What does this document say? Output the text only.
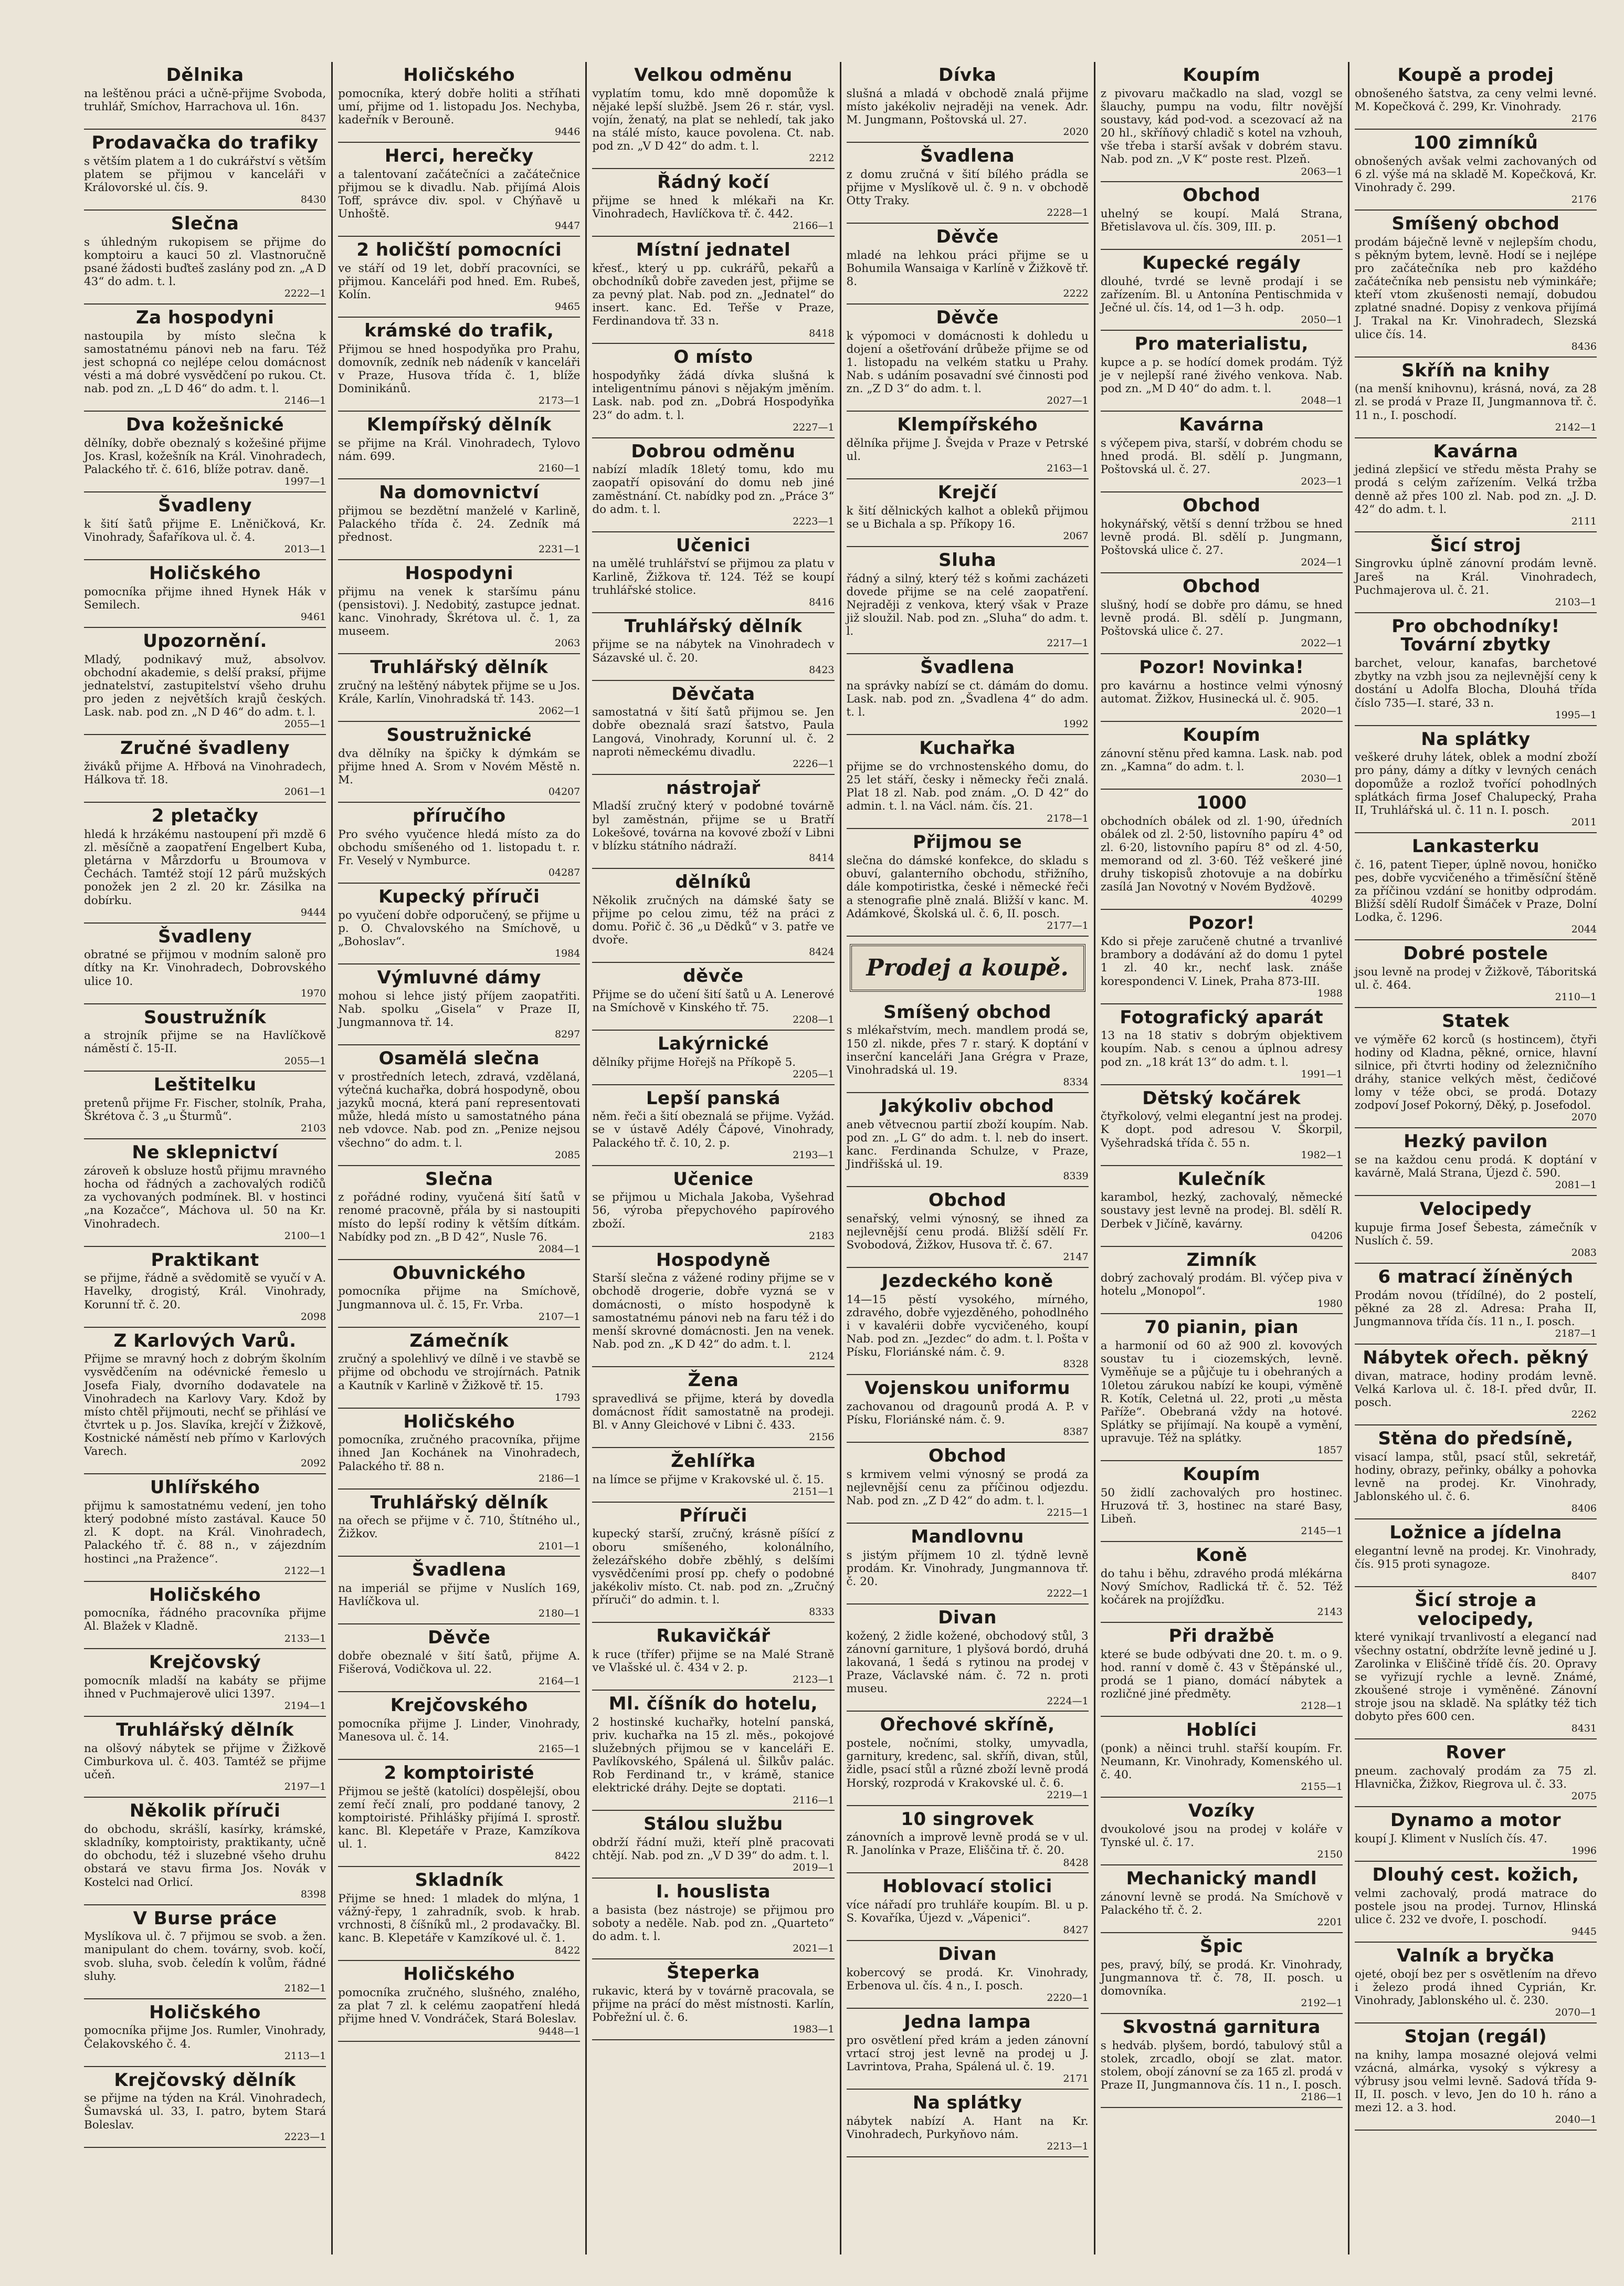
Dělnika
na leštěnou práci a učně-přijme Svoboda, truhlář, Smíchov, Harrachova ul. 16n.
8437
Prodavačka do trafiky
s větším platem a 1 do cukrářství s větším platem se přijmou v kanceláři v Královorské ul. čís. 9.
8430
Slečna
s úhledným rukopisem se přijme do komptoiru a kauci 50 zl. Vlastnoručně psané žádosti buďteš zaslány pod zn. „A D 43“ do adm. t. l.
2222—1
Za hospodyni
nastoupila by místo slečna k samostatnému pánovi neb na faru. Též jest schopná co nejlépe celou domácnost vésti a má dobré vysvědčení po rukou. Ct. nab. pod zn. „L D 46“ do adm. t. l.
2146—1
Dva kožešnické
dělníky, dobře obeznalý s kožešiné přijme Jos. Krasl, kožešník na Král. Vinohradech, Palackého tř. č. 616, blíže potrav. daně.
1997—1
Švadleny
k šití šatů přijme E. Lněničková, Kr. Vinohrady, Šafaříkova ul. č. 4.
2013—1
Holičského
pomocníka přijme ihned Hynek Hák v Semilech.
9461
Upozornění.
Mladý, podnikavý muž, absolvov. obchodní akademie, s delší praksí, přijme jednatelství, zastupitelství všeho druhu pro jeden z největších krajů českých. Lask. nab. pod zn. „N D 46“ do adm. t. l.
2055—1
Zručné švadleny
živáků přijme A. Hřbová na Vinohradech, Hálkova tř. 18.
2061—1
2 pletačky
hledá k hrzákému nastoupení při mzdě 6 zl. měsíčně a zaopatření Engelbert Kuba, pletárna v Mårzdorfu u Broumova v Čechách. Tamtéž stojí 12 párů mužských ponožek jen 2 zl. 20 kr. Zásilka na dobírku.
9444
Švadleny
obratné se přijmou v modním saloně pro dítky na Kr. Vinohradech, Dobrovského ulice 10.
1970
Soustružník
a strojník přijme se na Havlíčkově náměstí č. 15-II.
2055—1
Leštitelku
pretenů přijme Fr. Fischer, stolník, Praha, Škrétova č. 3 „u Šturmů“.
2103
Ne sklepnictví
zároveň k obsluze hostů přijmu mravného hocha od řádných a zachovalých rodičů za vychovaných podmínek. Bl. v hostinci „na Kozačce“, Máchova ul. 50 na Kr. Vinohradech.
2100—1
Praktikant
se přijme, řádně a svědomitě se vyučí v A. Havelky, drogistý, Král. Vinohrady, Korunní tř. č. 20.
2098
Z Karlových Varů.
Přijme se mravný hoch z dobrým školním vysvědčením na odévnické řemeslo u Josefa Fialy, dvorního dodavatele na Vinohradech na Karlovy Vary. Kdož by místo chtěl přijmouti, nechť se přihlásí ve čtvrtek u p. Jos. Slavíka, krejčí v Žižkově, Kostnické náměstí neb přímo v Karlových Varech.
2092
Uhlířského
přijmu k samostatnému vedení, jen toho který podobné místo zastával. Kauce 50 zl. K dopt. na Král. Vinohradech, Palackého tř. č. 88 n., v zájezdním hostinci „na Pražence“.
2122—1
Holičského
pomocníka, řádného pracovníka přijme Al. Blažek v Kladně.
2133—1
Krejčovský
pomocník mladší na kabáty se přijme ihned v Puchmajerově ulici 1397.
2194—1
Truhlářský dělník
na olšový nábytek se přijme v Žižkově Cimburkova ul. č. 403. Tamtéž se přijme učeň.
2197—1
Několik příruči
do obchodu, skrášlí, kasírky, krámské, skladníky, komptoiristy, praktikanty, učně do obchodu, též i sluzebné všeho druhu obstará ve stavu firma Jos. Novák v Kostelci nad Orlicí.
8398
V Burse práce
Myslíkova ul. č. 7 přijmou se svob. a žen. manipulant do chem. továrny, svob. kočí, svob. sluha, svob. čeledín k volům, řádné sluhy.
2182—1
Holičského
pomocníka přijme Jos. Rumler, Vinohrady, Čelakovského č. 4.
2113—1
Krejčovský dělník
se přijme na týden na Král. Vinohradech, Šumavská ul. 33, I. patro, bytem Stará Boleslav.
2223—1
Holičského
pomocníka, který dobře holiti a stříhati umí, přijme od 1. listopadu Jos. Nechyba, kadeřník v Berouně.
9446
Herci, herečky
a talentovaní začátečníci a začátečnice přijmou se k divadlu. Nab. přijímá Alois Toff, správce div. spol. v Chýňavě u Unhoště.
9447
2 holičští pomocníci
ve stáří od 19 let, dobří pracovníci, se přijmou. Kanceláři pod hned. Em. Rubeš, Kolín.
9465
krámské do trafik,
Přijmou se hned hospodyňka pro Prahu, domovník, zedník neb nádeník v kanceláři v Praze, Husova třída č. 1, blíže Dominikánů.
2173—1
Klempířský dělník
se přijme na Král. Vinohradech, Tylovo nám. 699.
2160—1
Na domovnictví
přijmou se bezdětní manželé v Karlině, Palackého třída č. 24. Zedník má přednost.
2231—1
Hospodyni
přijmu na venek k staršímu pánu (pensistovi). J. Nedobitý, zastupce jednat. kanc. Vinohrady, Škrétova ul. č. 1, za museem.
2063
Truhlářský dělník
zručný na leštěný nábytek přijme se u Jos. Krále, Karlín, Vinohradská tř. 143.
2062—1
Soustružnické
dva dělníky na špičky k dýmkám se přijme hned A. Srom v Novém Městě n. M.
04207
příručího
Pro svého vyučence hledá místo za do obchodu smíšeného od 1. listopadu t. r. Fr. Veselý v Nymburce.
04287
Kupecký příruči
po vyučení dobře odporučený, se přijme u p. O. Chvalovského na Smíchově, u „Bohoslav“.
1984
Výmluvné dámy
mohou si lehce jistý příjem zaopatřiti. Nab. spolku „Gisela“ v Praze II, Jungmannova tř. 14.
8297
Osamělá slečna
v prostředních letech, zdravá, vzdělaná, výtečná kuchařka, dobrá hospodyně, obou jazyků mocná, která paní representovati může, hledá místo u samostatného pána neb vdovce. Nab. pod zn. „Penize nejsou všechno“ do adm. t. l.
2085
Slečna
z pořádné rodiny, vyučená šití šatů v renomé pracovně, přála by si nastoupiti místo do lepší rodiny k větším dítkám. Nabídky pod zn. „B D 42“, Nusle 76.
2084—1
Obuvnického
pomocníka přijme na Smíchově, Jungmannova ul. č. 15, Fr. Vrba.
2107—1
Zámečník
zručný a spolehlivý ve dílně i ve stavbě se přijme od obchodu ve strojírnách. Patnik a Kautník v Karlině v Žižkově tř. 15.
1793
Holičského
pomocníka, zručného pracovníka, přijme ihned Jan Kochánek na Vinohradech, Palackého tř. 88 n.
2186—1
Truhlářský dělník
na ořech se přijme v č. 710, Štítného ul., Žižkov.
2101—1
Švadlena
na imperiál se přijme v Nuslích 169, Havlíčkova ul.
2180—1
Děvče
dobře obeznalé v šití šatů, přijme A. Fišerová, Vodičkova ul. 22.
2164—1
Krejčovského
pomocníka přijme J. Linder, Vinohrady, Manesova ul. č. 14.
2165—1
2 komptoiristé
Přijmou se ještě (katolíci) dospělejší, obou zemí řečí znalí, pro poddané tanovy, 2 komptoiristé. Přihlášky přijímá I. sprostř. kanc. Bl. Klepetáře v Praze, Kamzíkova ul. 1.
8422
Skladník
Přijme se hned: 1 mladek do mlýna, 1 vážný-řepy, 1 zahradník, svob. k hrab. vrchnosti, 8 číšníků ml., 2 prodavačky. Bl. kanc. B. Klepetáře v Kamzíkové ul. č. 1.
8422
Holičského
pomocníka zručného, slušného, znalého, za plat 7 zl. k celému zaopatření hledá přijme hned V. Vondráček, Stará Boleslav.
9448—1
Velkou odměnu
vyplatím tomu, kdo mně dopomůže k nějaké lepší službě. Jsem 26 r. stár, vysl. vojín, ženatý, na plat se nehledí, tak jako na stálé místo, kauce povolena. Ct. nab. pod zn. „V D 42“ do adm. t. l.
2212
Řádný kočí
přijme se hned k mlékaři na Kr. Vinohradech, Havlíčkova tř. č. 442.
2166—1
Místní jednatel
křesť., který u pp. cukrářů, pekařů a obchodníků dobře zaveden jest, přijme se za pevný plat. Nab. pod zn. „Jednatel“ do insert. kanc. Ed. Teřše v Praze, Ferdinandova tř. 33 n.
8418
O místo
hospodyňky žádá dívka slušná k inteligentnímu pánovi s nějakým jměním. Lask. nab. pod zn. „Dobrá Hospodyňka 23“ do adm. t. l.
2227—1
Dobrou odměnu
nabízí mladík 18letý tomu, kdo mu zaopatří opisování do domu neb jiné zaměstnání. Ct. nabídky pod zn. „Práce 3“ do adm. t. l.
2223—1
Učenici
na umělé truhlářství se přijmou za platu v Karlině, Žižkova tř. 124. Též se koupí truhlářské stolice.
8416
Truhlářský dělník
přijme se na nábytek na Vinohradech v Sázavské ul. č. 20.
8423
Děvčata
samostatná v šití šatů přijmou se. Jen dobře obeznalá srazí šatstvo, Paula Langová, Vinohrady, Korunní ul. č. 2 naproti německému divadlu.
2226—1
nástrojař
Mladší zručný který v podobné továrně byl zaměstnán, přijme se u Bratří Lokešové, továrna na kovové zboží v Libni v blízku státního nádraží.
8414
dělníků
Několik zručných na dámské šaty se přijme po celou zimu, též na práci z domu. Pořič č. 36 „u Dědků“ v 3. patře ve dvoře.
8424
děvče
Přijme se do učení šití šatů u A. Lenerové na Smíchově v Kinského tř. 75.
2208—1
Lakýrnické
dělníky přijme Hořejš na Příkopě 5.
2205—1
Lepší panská
něm. řeči a šití obeznalá se přijme. Vyžád. se v ústavě Adély Čápové, Vinohrady, Palackého tř. č. 10, 2. p.
2193—1
Učenice
se přijmou u Michala Jakoba, Vyšehrad 56, výroba přepychového papírového zboží.
2183
Hospodyně
Starší slečna z vážené rodiny přijme se v obchodě drogerie, dobře vyzná se v domácnosti, o místo hospodyně k samostatnému pánovi neb na faru též i do menší skrovné domácnosti. Jen na venek. Nab. pod zn. „K D 42“ do adm. t. l.
2124
Žena
spravedlivá se přijme, která by dovedla domácnost řídit samostatně na prodeji. Bl. v Anny Gleichové v Libni č. 433.
2156
Žehlířka
na límce se přijme v Krakovské ul. č. 15.
2151—1
Příruči
kupecký starší, zručný, krásně píšící z oboru smíšeného, kolonálního, železářského dobře zběhlý, s delšími vysvědčeními prosí pp. chefy o podobné jakékoliv místo. Ct. nab. pod zn. „Zručný příruči“ do admin. t. l.
8333
Rukavičkář
k ruce (třífer) přijme se na Malé Straně ve Vlašské ul. č. 434 v 2. p.
2123—1
Ml. číšník do hotelu,
2 hostinské kuchařky, hotelní panská, priv. kuchařka na 15 zl. měs., pokojové služebných přijmou se v kanceláři E. Pavlíkovského, Spálená ul. Šilkův palác. Rob Ferdinand tr., v krámě, stanice elektrické dráhy. Dejte se doptati.
2116—1
Stálou službu
obdrží řádní muži, kteří plně pracovati chtějí. Nab. pod zn. „V D 39“ do adm. t. l.
2019—1
I. houslista
a basista (bez nástroje) se přijmou pro soboty a neděle. Nab. pod zn. „Quarteto“ do adm. t. l.
2021—1
Šteperka
rukavic, která by v továrně pracovala, se přijme na prácí do měst místnosti. Karlín, Pobřežní ul. č. 6.
1983—1
Dívka
slušná a mladá v obchodě znalá přijme místo jakékoliv nejraději na venek. Adr. M. Jungmann, Poštovská ul. 27.
2020
Švadlena
z domu zručná v šití bílého prádla se přijme v Myslíkově ul. č. 9 n. v obchodě Otty Traky.
2228—1
Děvče
mladé na lehkou práci přijme se u Bohumila Wansaiga v Karlíně v Žižkově tř. 8.
2222
Děvče
k výpomoci v domácnosti k dohledu u dojení a ošetřování drůbeže přijme se od 1. listopadu na velkém statku u Prahy. Nab. s udáním posavadní své činnosti pod zn. „Z D 3“ do adm. t. l.
2027—1
Klempířského
dělníka přijme J. Švejda v Praze v Petrské ul.
2163—1
Krejčí
k šití dělnických kalhot a obleků přijmou se u Bichala a sp. Příkopy 16.
2067
Sluha
řádný a silný, který též s koňmi zacházeti dovede přijme se na celé zaopatření. Nejraději z venkova, který však v Praze již sloužil. Nab. pod zn. „Sluha“ do adm. t. l.
2217—1
Švadlena
na správky nabízí se ct. dámám do domu. Lask. nab. pod zn. „Švadlena 4“ do adm. t. l.
1992
Kuchařka
přijme se do vrchnostenského domu, do 25 let stáří, česky i německy řeči znalá. Plat 18 zl. Nab. pod znám. „O. D 42“ do admin. t. l. na Václ. nám. čís. 21.
2178—1
Přijmou se
slečna do dámské konfekce, do skladu s obuví, galanterního obchodu, střižního, dále kompotiristka, české i německé řeči a stenografie plně znalá. Bližší v kanc. M. Adámkové, Školská ul. č. 6, II. posch.
2177—1
Prodej a koupě.
Smíšený obchod
s mlékařstvím, mech. mandlem prodá se, 150 zl. nikde, přes 7 r. starý. K doptání v inserční kanceláři Jana Grégra v Praze, Vinohradská ul. 19.
8334
Jakýkoliv obchod
aneb větvecnou partií zboží koupím. Nab. pod zn. „L G“ do adm. t. l. neb do insert. kanc. Ferdinanda Schulze, v Praze, Jindřišská ul. 19.
8339
Obchod
senařský, velmi výnosný, se ihned za nejlevnější cenu prodá. Bližší sdělí Fr. Svobodová, Žižkov, Husova tř. č. 67.
2147
Jezdeckého koně
14—15 pěstí vysokého, mírného, zdravého, dobře vyjezděného, pohodlného i v kavalérii dobře vycvičeného, koupí Nab. pod zn. „Jezdec“ do adm. t. l. Pošta v Písku, Floriánské nám. č. 9.
8328
Vojenskou uniformu
zachovanou od dragounů prodá A. P. v Písku, Floriánské nám. č. 9.
8387
Obchod
s krmivem velmi výnosný se prodá za nejlevnější cenu za příčinou odjezdu. Nab. pod zn. „Z D 42“ do adm. t. l.
2215—1
Mandlovnu
s jistým příjmem 10 zl. týdně levně prodám. Kr. Vinohrady, Jungmannova tř. č. 20.
2222—1
Divan
kožený, 2 židle kožené, obchodový stůl, 3 zánovní garniture, 1 plyšová bordó, druhá lakovaná, 1 šedá s rytinou na prodej v Praze, Václavské nám. č. 72 n. proti museu.
2224—1
Ořechové skříně,
postele, nočními, stolky, umyvadla, garnitury, kredenc, sal. skříň, divan, stůl, židle, psací stůl a různé zboží levně prodá Horský, rozprodá v Krakovské ul. č. 6.
2219—1
10 singrovek
zánovních a imprově levně prodá se v ul. R. Janolínka v Praze, Eliščina tř. č. 20.
8428
Hoblovací stolici
více nářadí pro truhláře koupím. Bl. u p. S. Kovaříka, Újezd v. „Vápenici“.
8427
Divan
kobercový se prodá. Kr. Vinohrady, Erbenova ul. čís. 4 n., I. posch.
2220—1
Jedna lampa
pro osvětlení před krám a jeden zánovní vrtací stroj jest levně na prodej u J. Lavrintova, Praha, Spálená ul. č. 19.
2171
Na splátky
nábytek nabízí A. Hant na Kr. Vinohradech, Purkyňovo nám.
2213—1
Koupím
z pivovaru mačkadlo na slad, vozgl se šlauchy, pumpu na vodu, filtr novější soustavy, kád pod-vod. a scezovací až na 20 hl., skříňový chladič s kotel na vzhouh, vše třeba i starší avšak v dobrém stavu. Nab. pod zn. „V K“ poste rest. Plzeň.
2063—1
Obchod
uhelný se koupí. Malá Strana, Břetislavova ul. čís. 309, III. p.
2051—1
Kupecké regály
dlouhé, tvrdé se levně prodají i se zařízením. Bl. u Antonína Pentischmida v Ječné ul. čís. 14, od 1—3 h. odp.
2050—1
Pro materialistu,
kupce a p. se hodící domek prodám. Týž je v nejlepší rané živého venkova. Nab. pod zn. „M D 40“ do adm. t. l.
2048—1
Kavárna
s výčepem piva, starší, v dobrém chodu se hned prodá. Bl. sdělí p. Jungmann, Poštovská ul. č. 27.
2023—1
Obchod
hokynářský, větší s denní tržbou se hned levně prodá. Bl. sdělí p. Jungmann, Poštovská ulice č. 27.
2024—1
Obchod
slušný, hodí se dobře pro dámu, se hned levně prodá. Bl. sdělí p. Jungmann, Poštovská ulice č. 27.
2022—1
Pozor! Novinka!
pro kavárnu a hostince velmi výnosný automat. Žižkov, Husinecká ul. č. 905.
2020—1
Koupím
zánovní stěnu před kamna. Lask. nab. pod zn. „Kamna“ do adm. t. l.
2030—1
1000
obchodních obálek od zl. 1·90, úředních obálek od zl. 2·50, listovního papíru 4° od zl. 6·20, listovního papíru 8° od zl. 4·50, memorand od zl. 3·60. Též veškeré jiné druhy tiskopisů zhotovuje a na dobírku zasílá Jan Novotný v Novém Bydžově.
40299
Pozor!
Kdo si přeje zaručeně chutné a trvanlivé brambory a dodávání až do domu 1 pytel 1 zl. 40 kr., nechť lask. znáše korespondenci V. Linek, Praha 873-III.
1988
Fotografický aparát
13 na 18 stativ s dobrým objektivem koupím. Nab. s cenou a úplnou adresy pod zn. „18 krát 13“ do adm. t. l.
1991—1
Dětský kočárek
čtyřkolový, velmi elegantní jest na prodej. K dopt. pod adresou V. Škorpil, Vyšehradská třída č. 55 n.
1982—1
Kulečník
karambol, hezký, zachovalý, německé soustavy jest levně na prodej. Bl. sdělí R. Derbek v Jičíně, kavárny.
04206
Zimník
dobrý zachovalý prodám. Bl. výčep piva v hotelu „Monopol“.
1980
70 pianin, pian
a harmonií od 60 až 900 zl. kovových soustav tu i ciozemských, levně. Vyměňuje se a půjčuje tu i obehraných a 10letou zárukou nabízí ke koupi, výměně R. Kotík, Celetná ul. 22, proti „u města Paříže“. Obebraná vždy na hotové. Splátky se přijímají. Na koupě a vymění, upravuje. Též na splátky.
1857
Koupím
50 židlí zachovalých pro hostinec. Hruzová tř. 3, hostinec na staré Basy, Libeň.
2145—1
Koně
do tahu i běhu, zdravého prodá mlékárna Nový Smíchov, Radlická tř. č. 52. Též kočárek na projížďku.
2143
Při dražbě
které se bude odbývati dne 20. t. m. o 9. hod. ranní v domě č. 43 v Štěpánské ul., prodá se 1 piano, domácí nábytek a rozličné jiné předměty.
2128—1
Hoblíci
(ponk) a něinci truhl. stařší koupím. Fr. Neumann, Kr. Vinohrady, Komenského ul. č. 40.
2155—1
Vozíky
dvoukolové jsou na prodej v koláře v Tynské ul. č. 17.
2150
Mechanický mandl
zánovní levně se prodá. Na Smíchově v Palackého tř. č. 2.
2201
Špic
pes, pravý, bílý, se prodá. Kr. Vinohrady, Jungmannova tř. č. 78, II. posch. u domovníka.
2192—1
Skvostná garnitura
s hedváb. plyšem, bordó, tabulový stůl a stolek, zrcadlo, obojí se zlat. mator. stolem, obojí zánovní se za 165 zl. prodá v Praze II, Jungmannova čís. 11 n., I. posch.
2186—1
Koupě a prodej
obnošeného šatstva, za ceny velmi levné. M. Kopečková č. 299, Kr. Vinohrady.
2176
100 zimníků
obnošených avšak velmi zachovaných od 6 zl. výše má na skladě M. Kopečková, Kr. Vinohrady č. 299.
2176
Smíšený obchod
prodám báječně levně v nejlepším chodu, s pěkným bytem, levně. Hodí se i nejlépe pro začátečníka neb pro každého začátečníka neb pensistu neb výminkáře; kteří vtom zkušenosti nemají, dobudou zplatné snadné. Dopisy z venkova přijímá J. Trakal na Kr. Vinohradech, Slezská ulice čís. 14.
8436
Skříň na knihy
(na menší knihovnu), krásná, nová, za 28 zl. se prodá v Praze II, Jungmannova tř. č. 11 n., I. poschodí.
2142—1
Kavárna
jediná zlepšicí ve středu města Prahy se prodá s celým zařízením. Velká tržba denně až přes 100 zl. Nab. pod zn. „J. D. 42“ do adm. t. l.
2111
Šicí stroj
Singrovku úplně zánovní prodám levně. Jareš na Král. Vinohradech, Puchmajerova ul. č. 21.
2103—1
Pro obchodníky! Tovární zbytky
barchet, velour, kanafas, barchetové zbytky na vzbh jsou za nejlevnější ceny k dostání u Adolfa Blocha, Dlouhá třída číslo 735—I. staré, 33 n.
1995—1
Na splátky
veškeré druhy látek, oblek a modní zboží pro pány, dámy a dítky v levných cenách dopomůže a rozlož tvořící pohodlných splátkách firma Josef Chalupecký, Praha II, Truhlářská ul. č. 11 n. I. posch.
2011
Lankasterku
č. 16, patent Tieper, úplně novou, honičko pes, dobře vycvičeného a třiměsíční štěně za příčinou vzdání se honitby odprodám. Bližší sdělí Rudolf Šimáček v Praze, Dolní Lodka, č. 1296.
2044
Dobré postele
jsou levně na prodej v Žižkově, Táboritská ul. č. 464.
2110—1
Statek
ve výměře 62 korců (s hostincem), čtyři hodiny od Kladna, pěkné, ornice, hlavní silnice, při čtvrti hodiny od železničního dráhy, stanice velkých měst, čedičové lomy v téže obci, se prodá. Dotazy zodpoví Josef Pokorný, Děký, p. Josefodol.
2070
Hezký pavilon
se na každou cenu prodá. K doptání v kavárně, Malá Strana, Újezd č. 590.
2081—1
Velocipedy
kupuje firma Josef Šebesta, zámečník v Nuslích č. 59.
2083
6 matrací žíněných
Prodám novou (třídílné), do 2 postelí, pěkné za 28 zl. Adresa: Praha II, Jungmannova třída čís. 11 n., I. posch.
2187—1
Nábytek ořech. pěkný
divan, matrace, hodiny prodám levně. Velká Karlova ul. č. 18-I. před dvůr, II. posch.
2262
Stěna do předsíně,
visací lampa, stůl, psací stůl, sekretář, hodiny, obrazy, peřinky, obálky a pohovka levně na prodej. Kr. Vinohrady, Jablonského ul. č. 6.
8406
Ložnice a jídelna
elegantní levně na prodej. Kr. Vinohrady, čís. 915 proti synagoze.
8407
Šicí stroje a velocipedy,
které vynikají trvanlivostí a elegancí nad všechny ostatní, obdržíte levně jediné u J. Zarolinka v Eliščině třídě čís. 20. Opravy se vyřizují rychle a levně. Známé, zkoušené stroje i vyměněné. Zánovní stroje jsou na skladě. Na splátky též tich dobyto přes 600 cen.
8431
Rover
pneum. zachovalý prodám za 75 zl. Hlavnička, Žižkov, Riegrova ul. č. 33.
2075
Dynamo a motor
koupí J. Kliment v Nuslích čís. 47.
1996
Dlouhý cest. kožich,
velmi zachovalý, prodá matrace do postele jsou na prodej. Turnov, Hlinská ulice č. 232 ve dvoře, I. poschodí.
9445
Valník a bryčka
ojeté, obojí bez per s osvětlením na dřevo i železo prodá ihned Cyprián, Kr. Vinohrady, Jablonského ul. č. 230.
2070—1
Stojan (regál)
na knihy, lampa mosazné olejová velmi vzácná, almárka, vysoký s výkresy a výbrusy jsou velmi levně. Sadová třída 9-II, II. posch. v levo, Jen do 10 h. ráno a mezi 12. a 3. hod.
2040—1
